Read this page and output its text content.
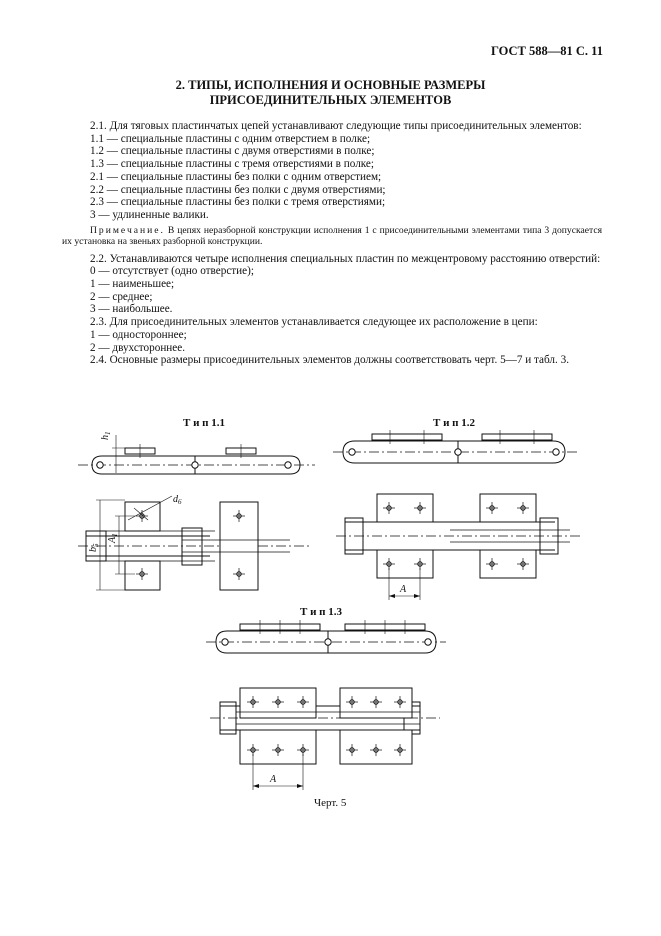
ГОСТ 588—81 С. 11
2. ТИПЫ, ИСПОЛНЕНИЯ И ОСНОВНЫЕ РАЗМЕРЫ
ПРИСОЕДИНИТЕЛЬНЫХ ЭЛЕМЕНТОВ

2.1. Для тяговых пластинчатых цепей устанавливают следующие типы присоединительных элементов:

1.1 — специальные пластины с одним отверстием в полке;

1.2 — специальные пластины с двумя отверстиями в полке;

1.3 — специальные пластины с тремя отверстиями в полке;

2.1 — специальные пластины без полки с одним отверстием;

2.2 — специальные пластины без полки с двумя отверстиями;

2.3 — специальные пластины без полки с тремя отверстиями;

3 — удлиненные валики.

Примечание. В цепях неразборной конструкции исполнения 1 с присоединительными элементами типа 3 допускается их установка на звеньях разборной конструкции.

2.2. Устанавливаются четыре исполнения специальных пластин по межцентровому расстоянию отверстий:

0 — отсутствует (одно отверстие);

1 — наименьшее;

2 — среднее;

3 — наибольшее.

2.3. Для присоединительных элементов устанавливается следующее их расположение в цепи:

1 — одностороннее;

2 — двухстороннее.

2.4. Основные размеры присоединительных элементов должны соответствовать черт. 5—7 и табл. 3.

Т и п 1.1
$h_1$
$d_6$
$b_5$
$A_1$
Т и п 1.2
A
Т и п 1.3
A
Черт. 5
